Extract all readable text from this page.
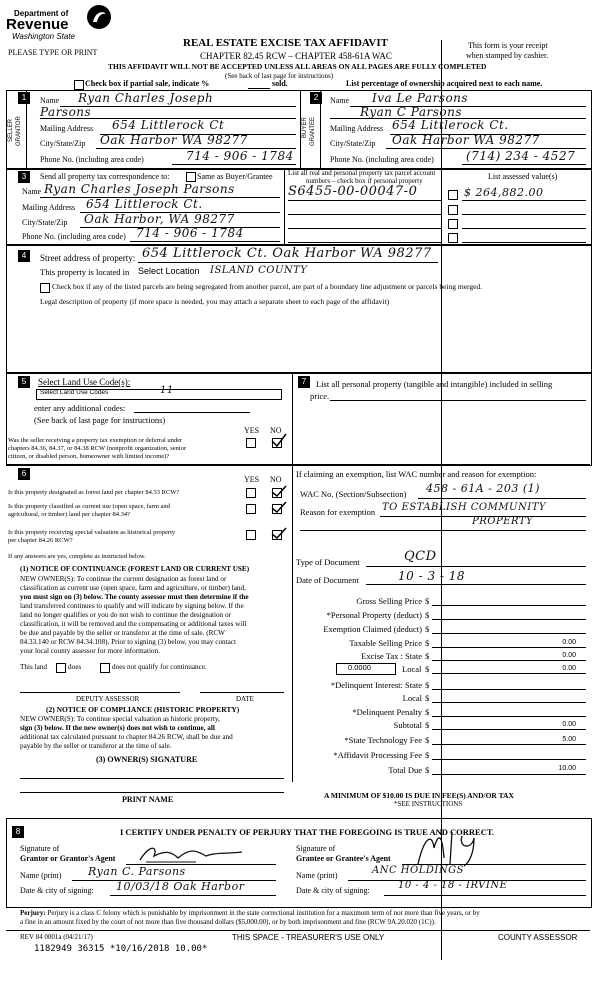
Department of
Revenue
Washington State
PLEASE TYPE OR PRINT
REAL ESTATE EXCISE TAX AFFIDAVIT
CHAPTER 82.45 RCW – CHAPTER 458-61A WAC
THIS AFFIDAVIT WILL NOT BE ACCEPTED UNLESS ALL AREAS ON ALL PAGES ARE FULLY COMPLETED
(See back of last page for instructions)
This form is your receipt
when stamped by cashier.
Check box if partial sale, indicate %	sold.	List percentage of ownership acquired next to each name.
1
SELLER GRANTOR
Name Ryan Charles Joseph
Parsons
Mailing Address 654 Littlerock Ct
City/State/Zip Oak Harbor WA 98277
Phone No. (including area code)	714 - 906 - 1784
2
BUYER GRANTEE
Name Iva Le Parsons
Ryan C Parsons
Mailing Address 654 Littlerock Ct.
City/State/Zip Oak Harbor WA 98277
Phone No. (including area code)	(714) 234 - 4527
3	Send all property tax correspondence to:	Same as Buyer/Grantee
Name Ryan Charles Joseph Parsons
Mailing Address 654 Littlerock Ct.
City/State/Zip Oak Harbor, WA 98277
Phone No. (including area code) 714 - 906 - 1784
List all real and personal property tax parcel account
numbers – check box if personal property	List assessed value(s)
S6455-00-00047-0	$ 264,882.00
4	Street address of property: 654 Littlerock Ct. Oak Harbor WA 98277
This property is located in Select Location ISLAND COUNTY
Check box if any of the listed parcels are being segregated from another parcel, are part of a boundary line adjustment or parcels being merged.
Legal description of property (if more space is needed, you may attach a separate sheet to each page of the affidavit)
5	Select Land Use Code(s):
Select Land Use Codes	11
enter any additional codes:
(See back of last page for instructions)
YES NO
Was the seller receiving a property tax exemption or deferral under
chapters 84.36, 84.37, or 84.38 RCW (nonprofit organization, senior
citizen, or disabled person, homeowner with limited income)?
7	List all personal property (tangible and intangible) included in selling
price.
6
YES NO
Is this property designated as forest land per chapter 84.33 RCW?
Is this property classified as current use (open space, farm and
agricultural, or timber) land per chapter 84.34?
Is this property receiving special valuation as historical property
per chapter 84.26 RCW?
If any answers are yes, complete as instructed below.
(1) NOTICE OF CONTINUANCE (FOREST LAND OR CURRENT USE)
NEW OWNER(S): To continue the current designation as forest land or
classification as current use (open space, farm and agriculture, or timber) land,
you must sign on (3) below. The county assessor must then determine if the
land transferred continues to qualify and will indicate by signing below. If the
land no longer qualifies or you do not wish to continue the designation or
classification, it will be removed and the compensating or additional taxes will
be due and payable by the seller or transferor at the time of sale. (RCW
84.33.140 or RCW 84.34.108). Prior to signing (3) below, you may contact
your local county assessor for more information.
This land	does	does not qualify for continuance.
DEPUTY ASSESSOR	DATE
(2) NOTICE OF COMPLIANCE (HISTORIC PROPERTY)
NEW OWNER(S): To continue special valuation as historic property,
sign (3) below. If the new owner(s) does not wish to continue, all
additional tax calculated pursuant to chapter 84.26 RCW, shall be due and
payable by the seller or transferor at the time of sale.
(3) OWNER(S) SIGNATURE
PRINT NAME
If claiming an exemption, list WAC number and reason for exemption:
WAC No. (Section/Subsection) 458 - 61A - 203 (1)
Reason for exemption TO ESTABLISH COMMUNITY
PROPERTY
Type of Document	QCD
Date of Document	10 - 3 - 18
Gross Selling Price $
*Personal Property (deduct) $
Exemption Claimed (deduct) $
Taxable Selling Price $	0.00
Excise Tax : State $	0.00
0.0000	Local $	0.00
*Delinquent Interest: State $
Local $
*Delinquent Penalty $
Subtotal $	0.00
*State Technology Fee $	5.00
*Affidavit Processing Fee $
Total Due $	10.00
A MINIMUM OF $10.00 IS DUE IN FEE(S) AND/OR TAX
*SEE INSTRUCTIONS
8	I CERTIFY UNDER PENALTY OF PERJURY THAT THE FOREGOING IS TRUE AND CORRECT.
Signature of
Grantor or Grantor's Agent
Name (print) Ryan C. Parsons
Date & city of signing: 10/03/18 Oak Harbor
Signature of
Grantee or Grantee's Agent
Name (print)	ANC HOLDINGS
Date & city of signing:	10 - 4 - 18 - IRVINE
Perjury: Perjury is a class C felony which is punishable by imprisonment in the state correctional institution for a maximum term of not more than five years, or by
a fine in an amount fixed by the court of not more than five thousand dollars ($5,000.00), or by both imprisonment and fine (RCW 9A.20.020 (1C)).
REV 84 0001a (04/21/17)	THIS SPACE - TREASURER'S USE ONLY	COUNTY ASSESSOR
1182949 36315 *10/16/2018 10.00*
